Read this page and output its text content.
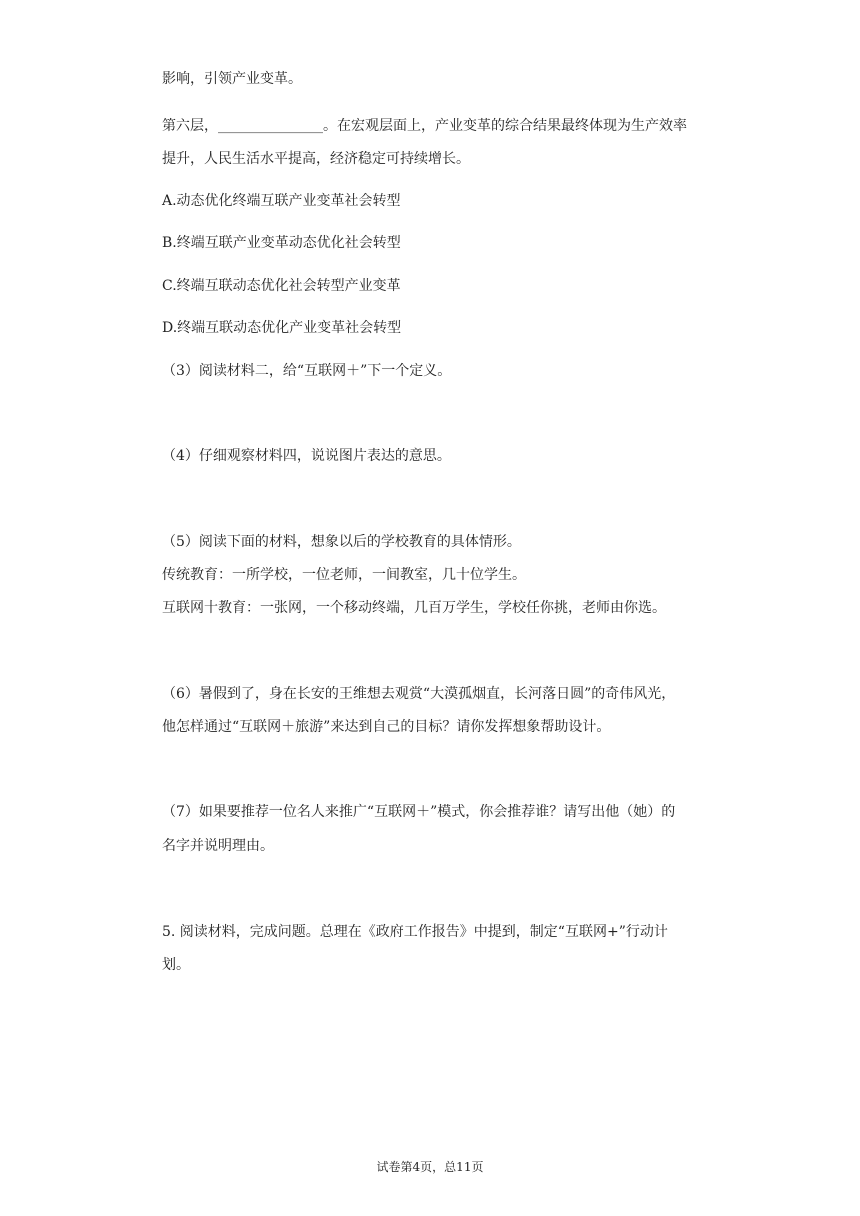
影响，引领产业变革。
第六层，_______________。在宏观层面上，产业变革的综合结果最终体现为生产效率
提升，人民生活水平提高，经济稳定可持续增长。
A.动态优化终端互联产业变革社会转型
B.终端互联产业变革动态优化社会转型
C.终端互联动态优化社会转型产业变革
D.终端互联动态优化产业变革社会转型
（3）阅读材料二，给“互联网＋”下一个定义。
（4）仔细观察材料四，说说图片表达的意思。
（5）阅读下面的材料，想象以后的学校教育的具体情形。
传统教育：一所学校，一位老师，一间教室，几十位学生。
互联网十教育：一张网，一个移动终端，几百万学生，学校任你挑，老师由你选。
（6）暑假到了，身在长安的王维想去观赏“大漠孤烟直，长河落日圆”的奇伟风光，
他怎样通过“互联网＋旅游”来达到自己的目标？请你发挥想象帮助设计。
（7）如果要推荐一位名人来推广“互联网＋”模式，你会推荐谁？请写出他（她）的
名字并说明理由。
5. 阅读材料，完成问题。总理在《政府工作报告》中提到，制定“互联网+”行动计
划。
试卷第4页，总11页
